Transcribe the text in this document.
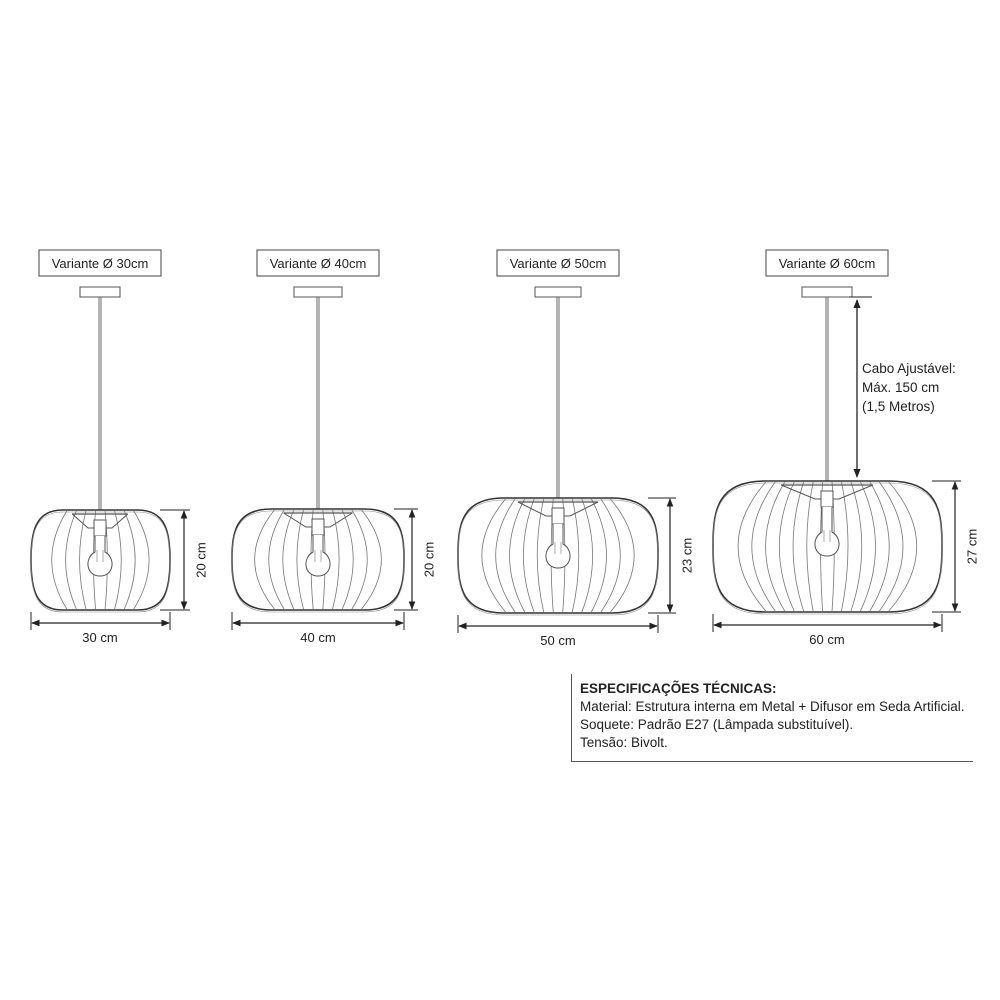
Variante Ø 30cm
30 cm
20 cm
Variante Ø 40cm
40 cm
20 cm
Variante Ø 50cm
50 cm
23 cm
Variante Ø 60cm
60 cm
27 cm
Cabo Ajustável:
Máx. 150 cm
(1,5 Metros)
ESPECIFICAÇÕES TÉCNICAS:
Material: Estrutura interna em Metal + Difusor em Seda Artificial.
Soquete: Padrão E27 (Lâmpada substituível).
Tensão: Bivolt.
